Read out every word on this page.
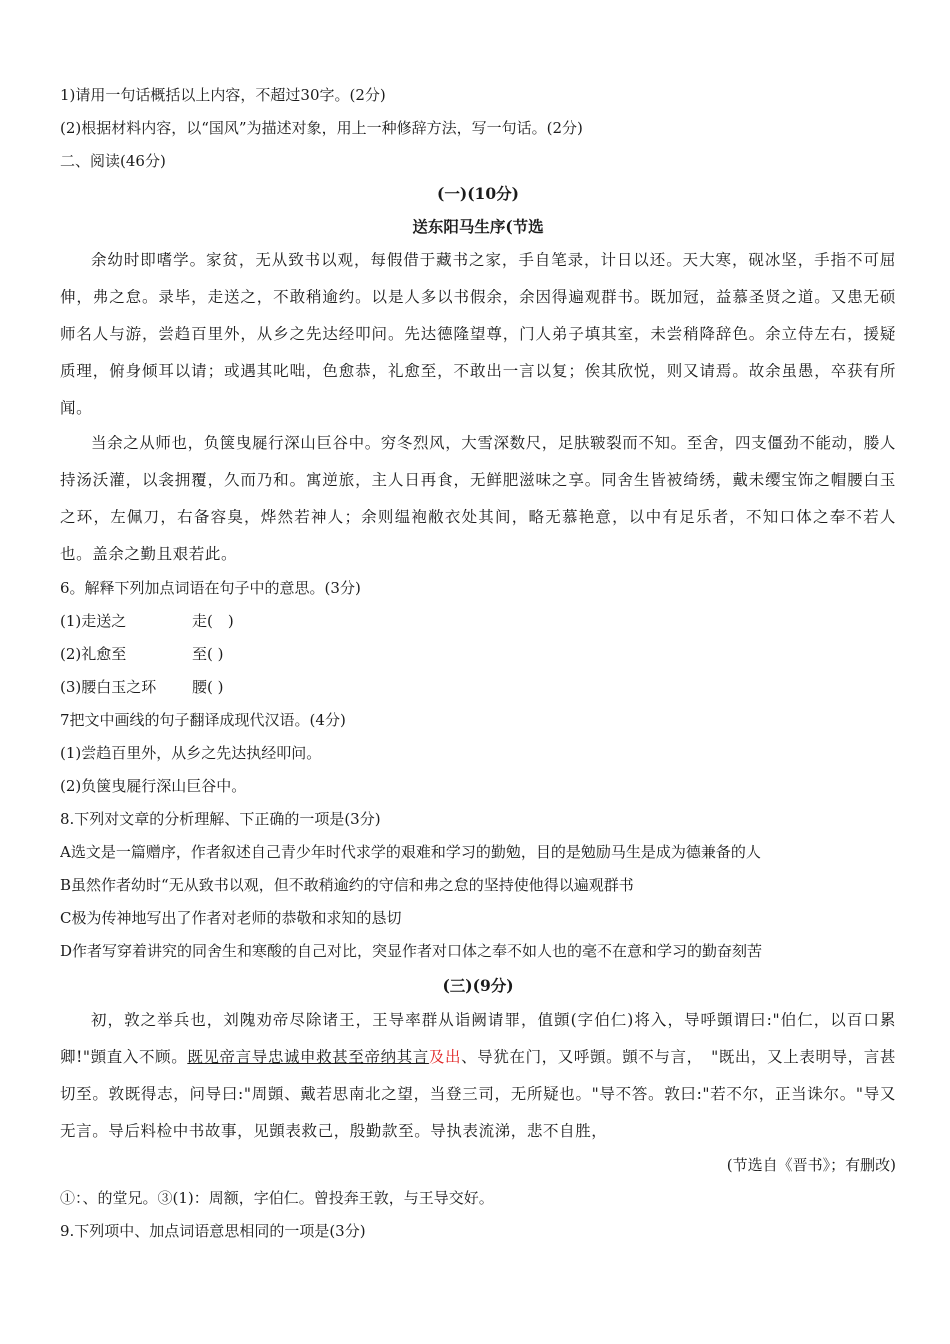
1)请用一句话概括以上内容，不超过30字。(2分)
(2)根据材料内容，以“国风”为描述对象，用上一种修辞方法，写一句话。(2分)
二、阅读(46分)
(一)(10分)
送东阳马生序(节选
余幼时即嗜学。家贫，无从致书以观，每假借于藏书之家，手自笔录，计日以还。天大寒，砚冰坚，手指不可屈伸，弗之怠。录毕，走送之，不敢稍逾约。以是人多以书假余，余因得遍观群书。既加冠，益慕圣贤之道。又患无硕师名人与游，尝趋百里外，从乡之先达经叩问。先达德隆望尊，门人弟子填其室，未尝稍降辞色。余立侍左右，援疑质理，俯身倾耳以请；或遇其叱咄，色愈恭，礼愈至，不敢出一言以复；俟其欣悦，则又请焉。故余虽愚，卒获有所闻。
当余之从师也，负箧曳屣行深山巨谷中。穷冬烈风，大雪深数尺，足肤皲裂而不知。至舍，四支僵劲不能动，媵人持汤沃灌，以衾拥覆，久而乃和。寓逆旅，主人日再食，无鲜肥滋味之享。同舍生皆被绮绣，戴未缨宝饰之帽腰白玉之环，左佩刀，右备容臭，烨然若神人；余则缊袍敝衣处其间，略无慕艳意，以中有足乐者，不知口体之奉不若人也。盖余之勤且艰若此。
6。解释下列加点词语在句子中的意思。(3分)
(1)走送之	走(　)
(2)礼愈至	至( )
(3)腰白玉之环 腰( )
7把文中画线的句子翻译成现代汉语。(4分)
(1)尝趋百里外，从乡之先达执经叩问。
(2)负箧曳屣行深山巨谷中。
8.下列对文章的分析理解、下正确的一项是(3分)
A选文是一篇赠序，作者叙述自己青少年时代求学的艰难和学习的勤勉，目的是勉励马生是成为德兼备的人
B虽然作者幼时“无从致书以观，但不敢稍逾约的守信和弗之怠的坚持使他得以遍观群书
C极为传神地写出了作者对老师的恭敬和求知的恳切
D作者写穿着讲究的同舍生和寒酸的自己对比，突显作者对口体之奉不如人也的毫不在意和学习的勤奋刻苦
(三)(9分)
初，敦之举兵也，刘隗劝帝尽除诸王，王导率群从诣阙请罪，值顗(字伯仁)将入，导呼顗谓曰:"伯仁，以百口累卿!"顗直入不顾。既见帝言导忠诚申救甚至帝纳其言及出、导犹在门，又呼顗。顗不与言，　"既出，又上表明导，言甚切至。敦既得志，问导曰:"周顗、戴若思南北之望，当登三司，无所疑也。"导不答。敦曰:"若不尔，正当诛尔。"导又无言。导后料检中书故事，见顗表救己，殷勤款至。导执表流涕，悲不自胜，
(节选自《晋书》；有删改)
①：、的堂兄。③(1)：周额，字伯仁。曾投奔王敦，与王导交好。
9.下列项中、加点词语意思相同的一项是(3分)
